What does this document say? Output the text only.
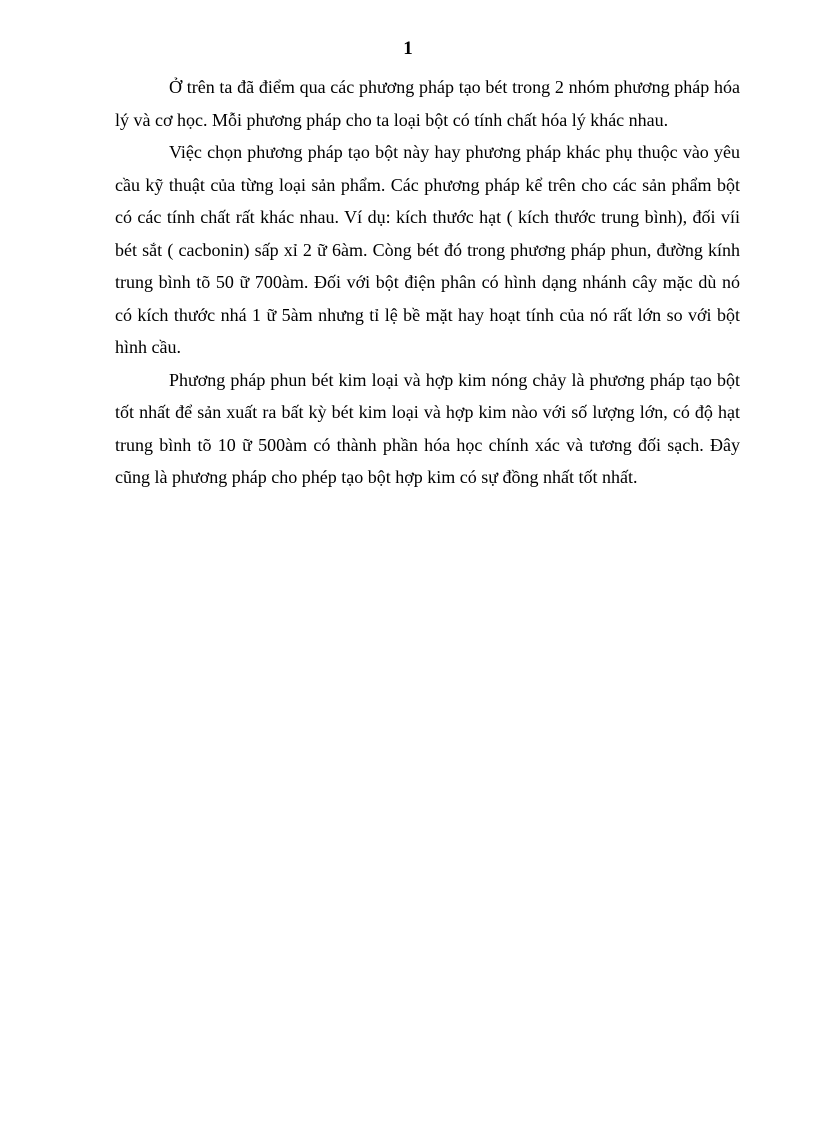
1

Ở trên ta đã điểm qua các phương pháp tạo bét trong 2 nhóm phương pháp hóa lý và cơ học. Mỗi phương pháp cho ta loại bột có tính chất hóa lý khác nhau.

Việc chọn phương pháp tạo bột này hay phương pháp khác phụ thuộc vào yêu cầu kỹ thuật của từng loại sản phẩm. Các phương pháp kể trên cho các sản phẩm bột có các tính chất rất khác nhau. Ví dụ: kích thước hạt ( kích thước trung bình), đối víi bét sắt ( cacbonin) sấp xỉ 2 ữ 6àm. Còng bét đó trong phương pháp phun, đường kính trung bình tõ 50 ữ 700àm. Đối với bột điện phân có hình dạng nhánh cây mặc dù nó có kích thước nhá 1 ữ 5àm nhưng tỉ lệ bề mặt hay hoạt tính của nó rất lớn so với bột hình cầu.

Phương pháp phun bét kim loại và hợp kim nóng chảy là phương pháp tạo bột tốt nhất để sản xuất ra bất kỳ bét kim loại và hợp kim nào với số lượng lớn, có độ hạt trung bình tõ 10 ữ 500àm có thành phần hóa học chính xác và tương đối sạch. Đây cũng là phương pháp cho phép tạo bột hợp kim có sự đồng nhất tốt nhất.
